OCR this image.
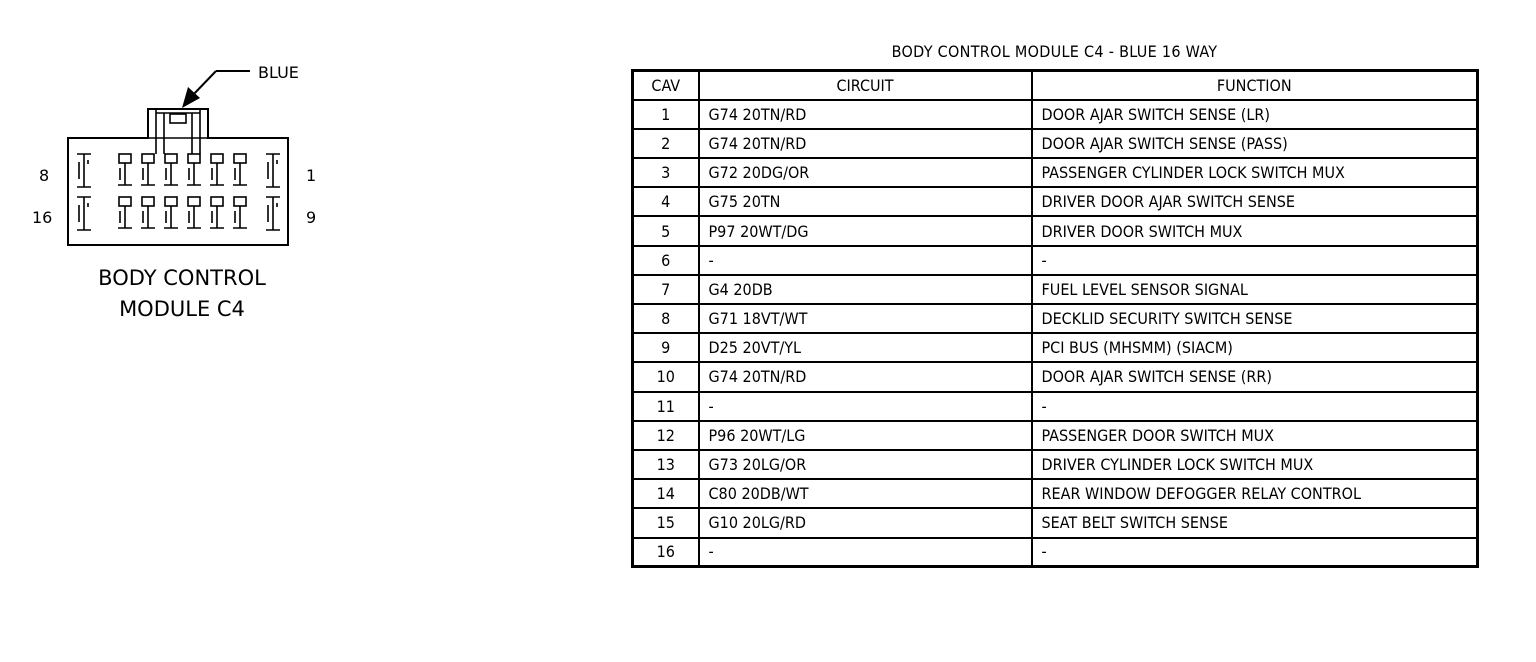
BLUE
8	1
16	9
BODY CONTROL
MODULE C4
BODY CONTROL MODULE C4 - BLUE 16 WAY
CAV	CIRCUIT	FUNCTION
1	G74 20TN/RD	DOOR AJAR SWITCH SENSE (LR)
2	G74 20TN/RD	DOOR AJAR SWITCH SENSE (PASS)
3	G72 20DG/OR	PASSENGER CYLINDER LOCK SWITCH MUX
4	G75 20TN	DRIVER DOOR AJAR SWITCH SENSE
5	P97 20WT/DG	DRIVER DOOR SWITCH MUX
6	-	-
7	G4 20DB	FUEL LEVEL SENSOR SIGNAL
8	G71 18VT/WT	DECKLID SECURITY SWITCH SENSE
9	D25 20VT/YL	PCI BUS (MHSMM) (SIACM)
10	G74 20TN/RD	DOOR AJAR SWITCH SENSE (RR)
11	-	-
12	P96 20WT/LG	PASSENGER DOOR SWITCH MUX
13	G73 20LG/OR	DRIVER CYLINDER LOCK SWITCH MUX
14	C80 20DB/WT	REAR WINDOW DEFOGGER RELAY CONTROL
15	G10 20LG/RD	SEAT BELT SWITCH SENSE
16	-	-
